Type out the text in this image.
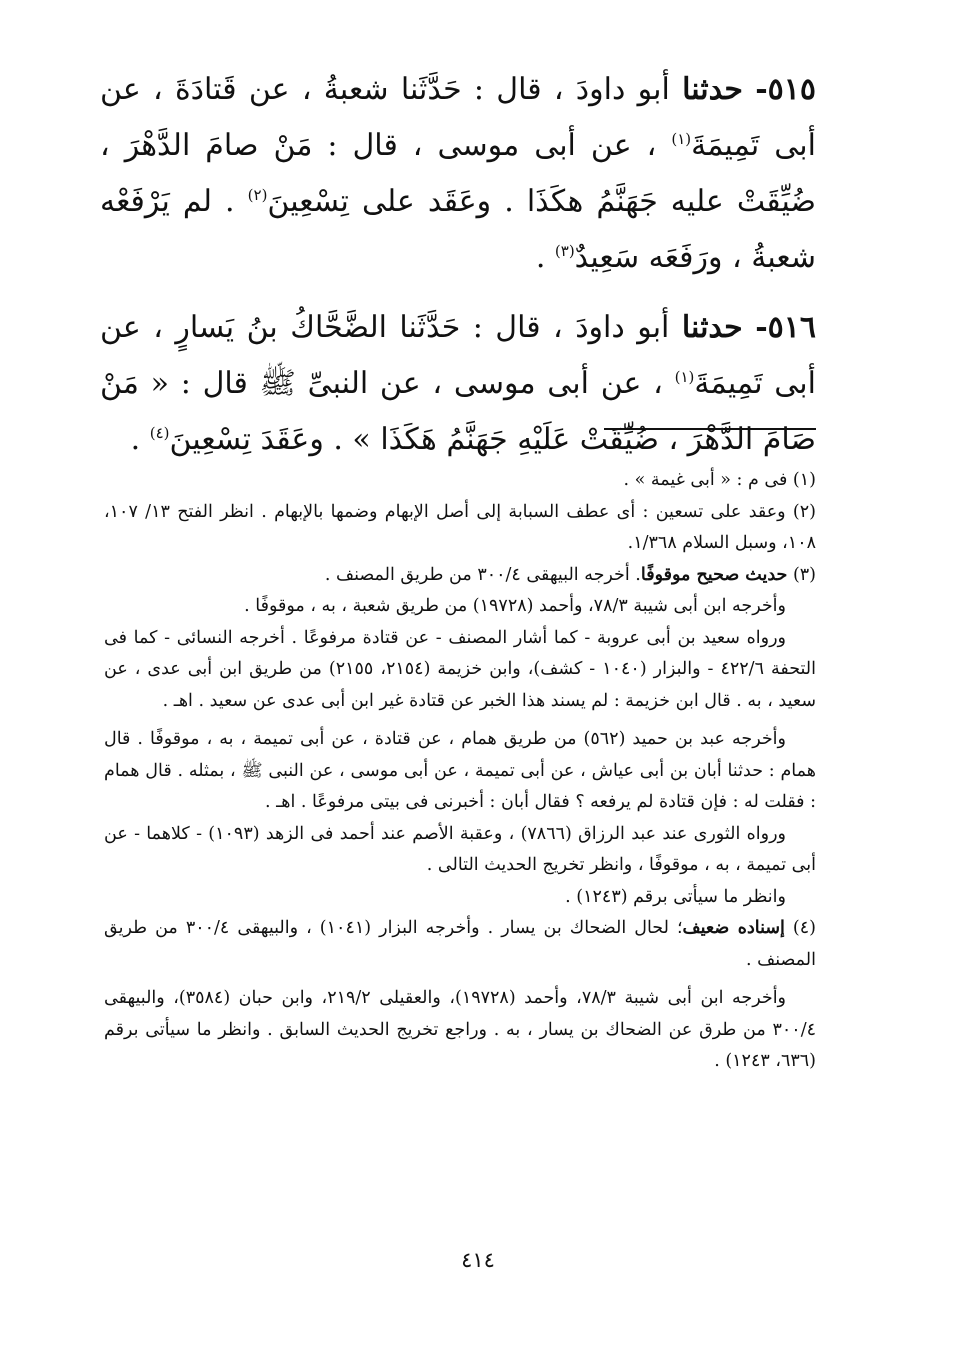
٥١٥- حدثنا أبو داودَ ، قال : حَدَّثَنا شعبةُ ، عن قَتادَةَ ، عن أبى تَمِيمَةَ$^{(١)}$ ، عن أبى موسى ، قال : مَنْ صامَ الدَّهْرَ ، ضُيِّقَتْ عليه جَهَنَّمُ هكَذَا . وعَقَد على تِسْعِينَ$^{(٢)}$ . لم يَرْفَعْه شعبةُ ، ورَفَعَه سَعِيدٌ$^{(٣)}$ .

٥١٦- حدثنا أبو داودَ ، قال : حَدَّثَنا الضَّحَّاكُ بنُ يَسارٍ ، عن أبى تَمِيمَةَ$^{(١)}$ ، عن أبى موسى ، عن النبىِّ ﷺ قال : « مَنْ صَامَ الدَّهْرَ ، ضُيِّقَتْ عَلَيْهِ جَهَنَّمُ هَكَذَا » . وعَقَدَ تِسْعِينَ$^{(٤)}$ .

(١) فى م : « أبى غيمة » .

(٢) وعقد على تسعين : أى عطف السبابة إلى أصل الإبهام وضمها بالإبهام . انظر الفتح ١٣/ ١٠٧، ١٠٨، وسبل السلام ١/٣٦٨.

(٣) حديث صحيح موقوفًا. أخرجه البيهقى ٣٠٠/٤ من طريق المصنف .

وأخرجه ابن أبى شيبة ٧٨/٣، وأحمد (١٩٧٢٨) من طريق شعبة ، به ، موقوفًا .

ورواه سعيد بن أبى عروبة - كما أشار المصنف - عن قتادة مرفوعًا . أخرجه النسائى - كما فى التحفة ٤٢٢/٦ - والبزار (١٠٤٠ - كشف)، وابن خزيمة (٢١٥٤، ٢١٥٥) من طريق ابن أبى عدى ، عن سعيد ، به . قال ابن خزيمة : لم يسند هذا الخبر عن قتادة غير ابن أبى عدى عن سعيد . اهـ .

وأخرجه عبد بن حميد (٥٦٢) من طريق همام ، عن قتادة ، عن أبى تميمة ، به ، موقوفًا . قال همام : حدثنا أبان بن أبى عياش ، عن أبى تميمة ، عن أبى موسى ، عن النبى ﷺ ، بمثله . قال همام : فقلت له : فإن قتادة لم يرفعه ؟ فقال أبان : أخبرنى فى بيتى مرفوعًا . اهـ .

ورواه الثورى عند عبد الرزاق (٧٨٦٦) ، وعقبة الأصم عند أحمد فى الزهد (١٠٩٣) - كلاهما - عن أبى تميمة ، به ، موقوفًا ، وانظر تخريج الحديث التالى .

وانظر ما سيأتى برقم (١٢٤٣) .

(٤) إسناده ضعيف؛ لحال الضحاك بن يسار . وأخرجه البزار (١٠٤١) ، والبيهقى ٣٠٠/٤ من طريق المصنف .

وأخرجه ابن أبى شيبة ٧٨/٣، وأحمد (١٩٧٢٨)، والعقيلى ٢١٩/٢، وابن حبان (٣٥٨٤)، والبيهقى ٣٠٠/٤ من طرق عن الضحاك بن يسار ، به . وراجع تخريج الحديث السابق . وانظر ما سيأتى برقم (٦٣٦، ١٢٤٣) .

٤١٤
